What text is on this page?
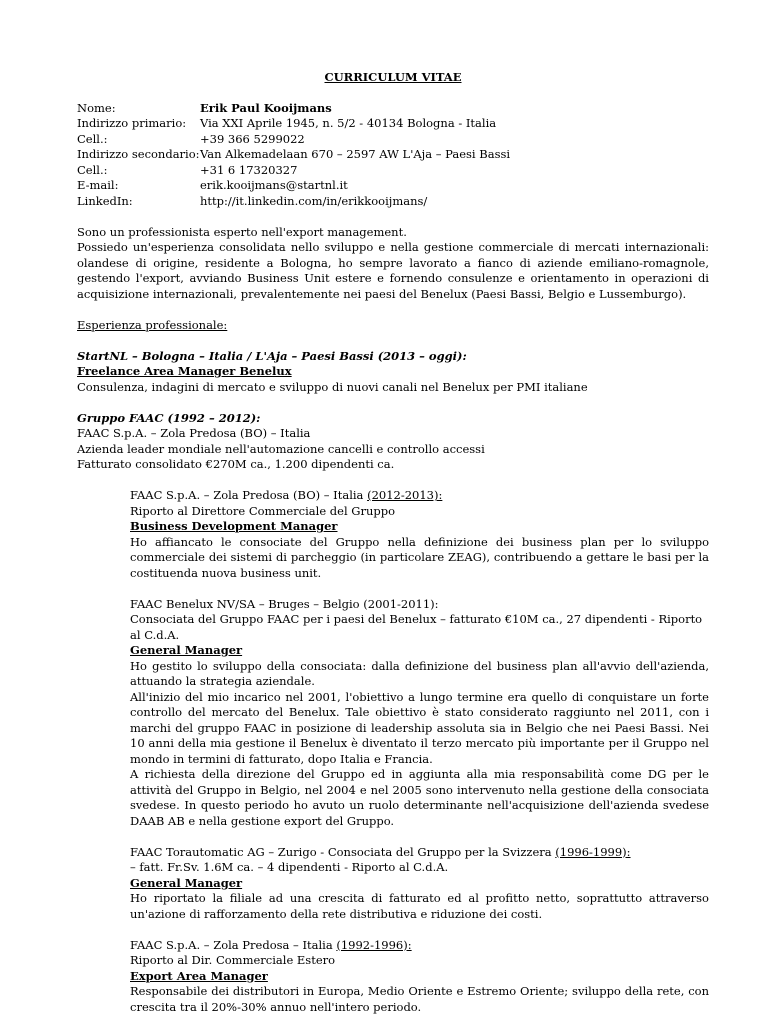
CURRICULUM VITAE
Nome:	Erik Paul Kooijmans
Indirizzo primario:	Via XXI Aprile 1945, n. 5/2 - 40134 Bologna - Italia
Cell.:	+39 366 5299022
Indirizzo secondario: Van Alkemadelaan 670 – 2597 AW L'Aja – Paesi Bassi
Cell.:	+31 6 17320327
E-mail:	erik.kooijmans@startnl.it
LinkedIn:	http://it.linkedin.com/in/erikkooijmans/

Sono un professionista esperto nell'export management.

Possiedo un'esperienza consolidata nello sviluppo e nella gestione commerciale di mercati internazionali: olandese di origine, residente a Bologna, ho sempre lavorato a fianco di aziende emiliano-romagnole, gestendo l'export, avviando Business Unit estere e fornendo consulenze e orientamento in operazioni di acquisizione internazionali, prevalentemente nei paesi del Benelux (Paesi Bassi, Belgio e Lussemburgo).

Esperienza professionale:

StartNL – Bologna – Italia / L'Aja – Paesi Bassi (2013 – oggi):

Freelance Area Manager Benelux

Consulenza, indagini di mercato e sviluppo di nuovi canali nel Benelux per PMI italiane

Gruppo FAAC (1992 – 2012):

FAAC S.p.A. – Zola Predosa (BO) – Italia

Azienda leader mondiale nell'automazione cancelli e controllo accessi

Fatturato consolidato €270M ca., 1.200 dipendenti ca.

FAAC S.p.A. – Zola Predosa (BO) – Italia (2012-2013):

Riporto al Direttore Commerciale del Gruppo

Business Development Manager

Ho affiancato le consociate del Gruppo nella definizione dei business plan per lo sviluppo commerciale dei sistemi di parcheggio (in particolare ZEAG), contribuendo a gettare le basi per la costituenda nuova business unit.

FAAC Benelux NV/SA – Bruges – Belgio (2001-2011):

Consociata del Gruppo FAAC per i paesi del Benelux – fatturato €10M ca., 27 dipendenti - Riporto al C.d.A.

General Manager

Ho gestito lo sviluppo della consociata: dalla definizione del business plan all'avvio dell'azienda, attuando la strategia aziendale.

All'inizio del mio incarico nel 2001, l'obiettivo a lungo termine era quello di conquistare un forte controllo del mercato del Benelux. Tale obiettivo è stato considerato raggiunto nel 2011, con i marchi del gruppo FAAC in posizione di leadership assoluta sia in Belgio che nei Paesi Bassi. Nei 10 anni della mia gestione il Benelux è diventato il terzo mercato più importante per il Gruppo nel mondo in termini di fatturato, dopo Italia e Francia.

A richiesta della direzione del Gruppo ed in aggiunta alla mia responsabilità come DG per le attività del Gruppo in Belgio, nel 2004 e nel 2005 sono intervenuto nella gestione della consociata svedese. In questo periodo ho avuto un ruolo determinante nell'acquisizione dell'azienda svedese DAAB AB e nella gestione export del Gruppo.

FAAC Torautomatic AG – Zurigo - Consociata del Gruppo per la Svizzera (1996-1999):

– fatt. Fr.Sv. 1.6M ca. – 4 dipendenti - Riporto al C.d.A.

General Manager

Ho riportato la filiale ad una crescita di fatturato ed al profitto netto, soprattutto attraverso un'azione di rafforzamento della rete distributiva e riduzione dei costi.

FAAC S.p.A. – Zola Predosa – Italia (1992-1996):

Riporto al Dir. Commerciale Estero

Export Area Manager

Responsabile dei distributori in Europa, Medio Oriente e Estremo Oriente; sviluppo della rete, con crescita tra il 20%-30% annuo nell'intero periodo.
